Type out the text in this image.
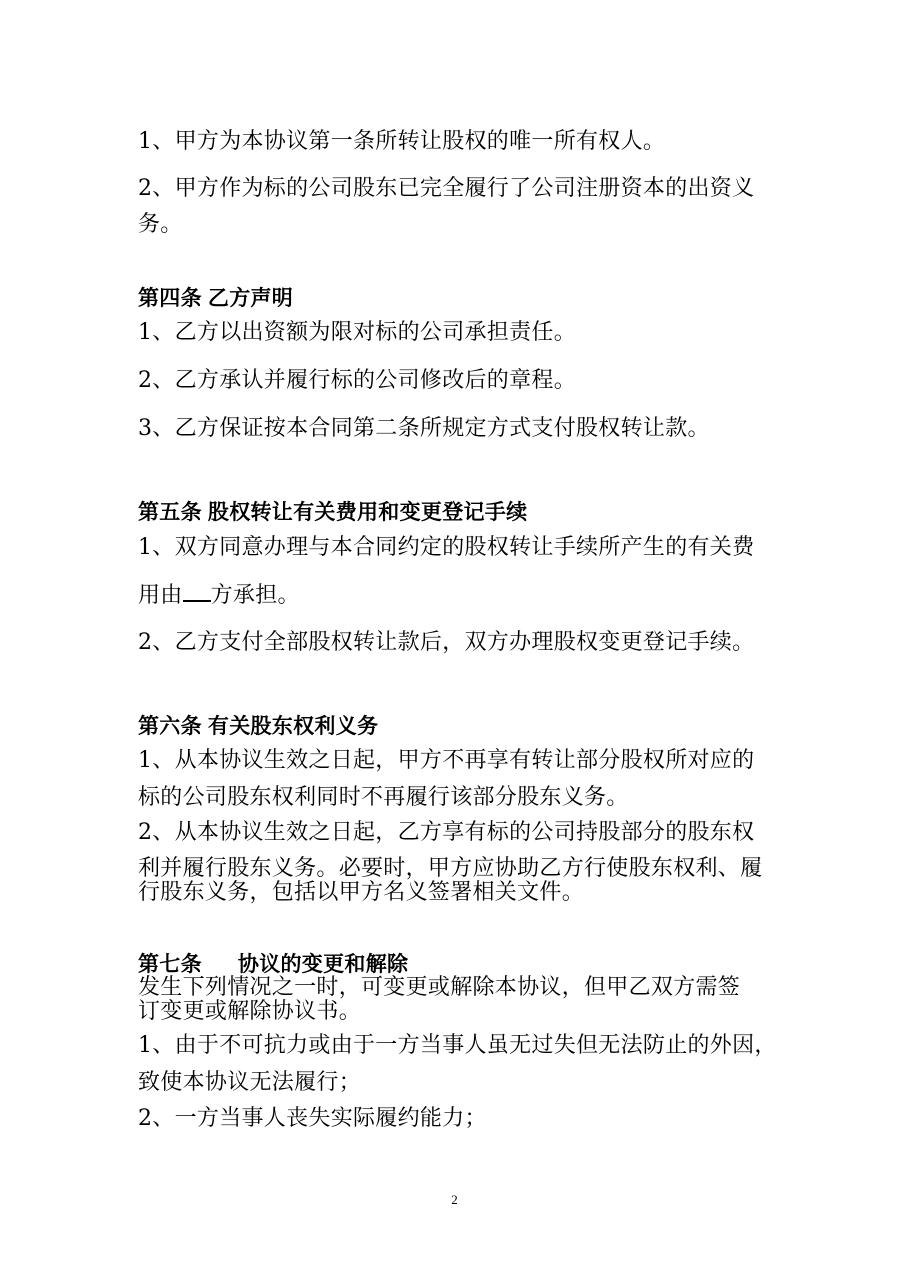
1、甲方为本协议第一条所转让股权的唯一所有权人。
2、甲方作为标的公司股东已完全履行了公司注册资本的出资义
务。
第四条 乙方声明
1、乙方以出资额为限对标的公司承担责任。
2、乙方承认并履行标的公司修改后的章程。
3、乙方保证按本合同第二条所规定方式支付股权转让款。
第五条 股权转让有关费用和变更登记手续
1、双方同意办理与本合同约定的股权转让手续所产生的有关费
用由 方承担。
2、乙方支付全部股权转让款后，双方办理股权变更登记手续。
第六条 有关股东权利义务
1、从本协议生效之日起，甲方不再享有转让部分股权所对应的
标的公司股东权利同时不再履行该部分股东义务。
2、从本协议生效之日起，乙方享有标的公司持股部分的股东权
利并履行股东义务。必要时，甲方应协助乙方行使股东权利、履
行股东义务，包括以甲方名义签署相关文件。
第七条 协议的变更和解除
发生下列情况之一时，可变更或解除本协议，但甲乙双方需签
订变更或解除协议书。
1、由于不可抗力或由于一方当事人虽无过失但无法防止的外因，
致使本协议无法履行；
2、一方当事人丧失实际履约能力；
2
